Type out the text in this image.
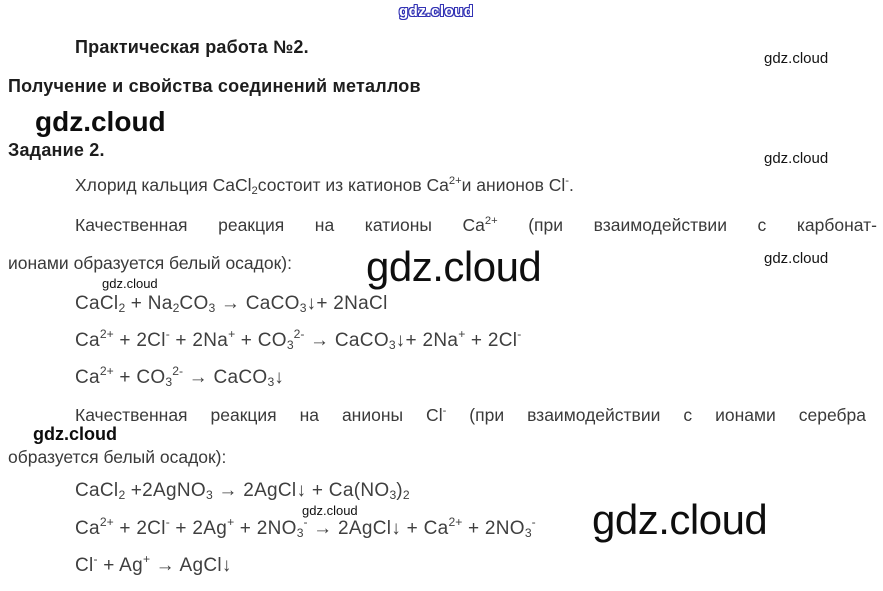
gdz.cloud
gdz.cloud
gdz.cloud
gdz.cloud
gdz.cloud
gdz.cloud
gdz.cloud
gdz.cloud
gdz.cloud	gdz.cloud
Практическая работа №2.
Получение и свойства соединений металлов
Задание 2.
Хлорид кальция CaCl$_2$состоит из катионов $Ca^{2+}и$ анионов Cl-.
Качественная реакция на катионы $Ca^{2+}$ (при взаимодействии с карбонат-
ионами образуется белый осадок):
CaCl$_2$ + $Na_2CO_3$ → CaCO$_3$↓+ 2NaCl
$Ca^{2+} + 2Cl^- + 2Na^+ + CO_3^{2-}$ → CaCO$_3$↓+ 2Na+ + 2Cl-
$Ca^{2+} + CO_3^{2-}$ → CaCO$_3$↓
Качественная реакция на анионы Cl- (при взаимодействии с ионами серебра
образуется белый осадок):
CaCl$_2$ +2AgNO$_3$ → 2AgCl↓ + $Ca(NO_3)_2$
$Ca^{2+} + 2Cl^- + 2Ag^+ + 2NO_3^-$ → 2AgCl↓ + $Ca^{2+} + 2NO_3^-$
Cl- + Ag+ → AgCl↓
